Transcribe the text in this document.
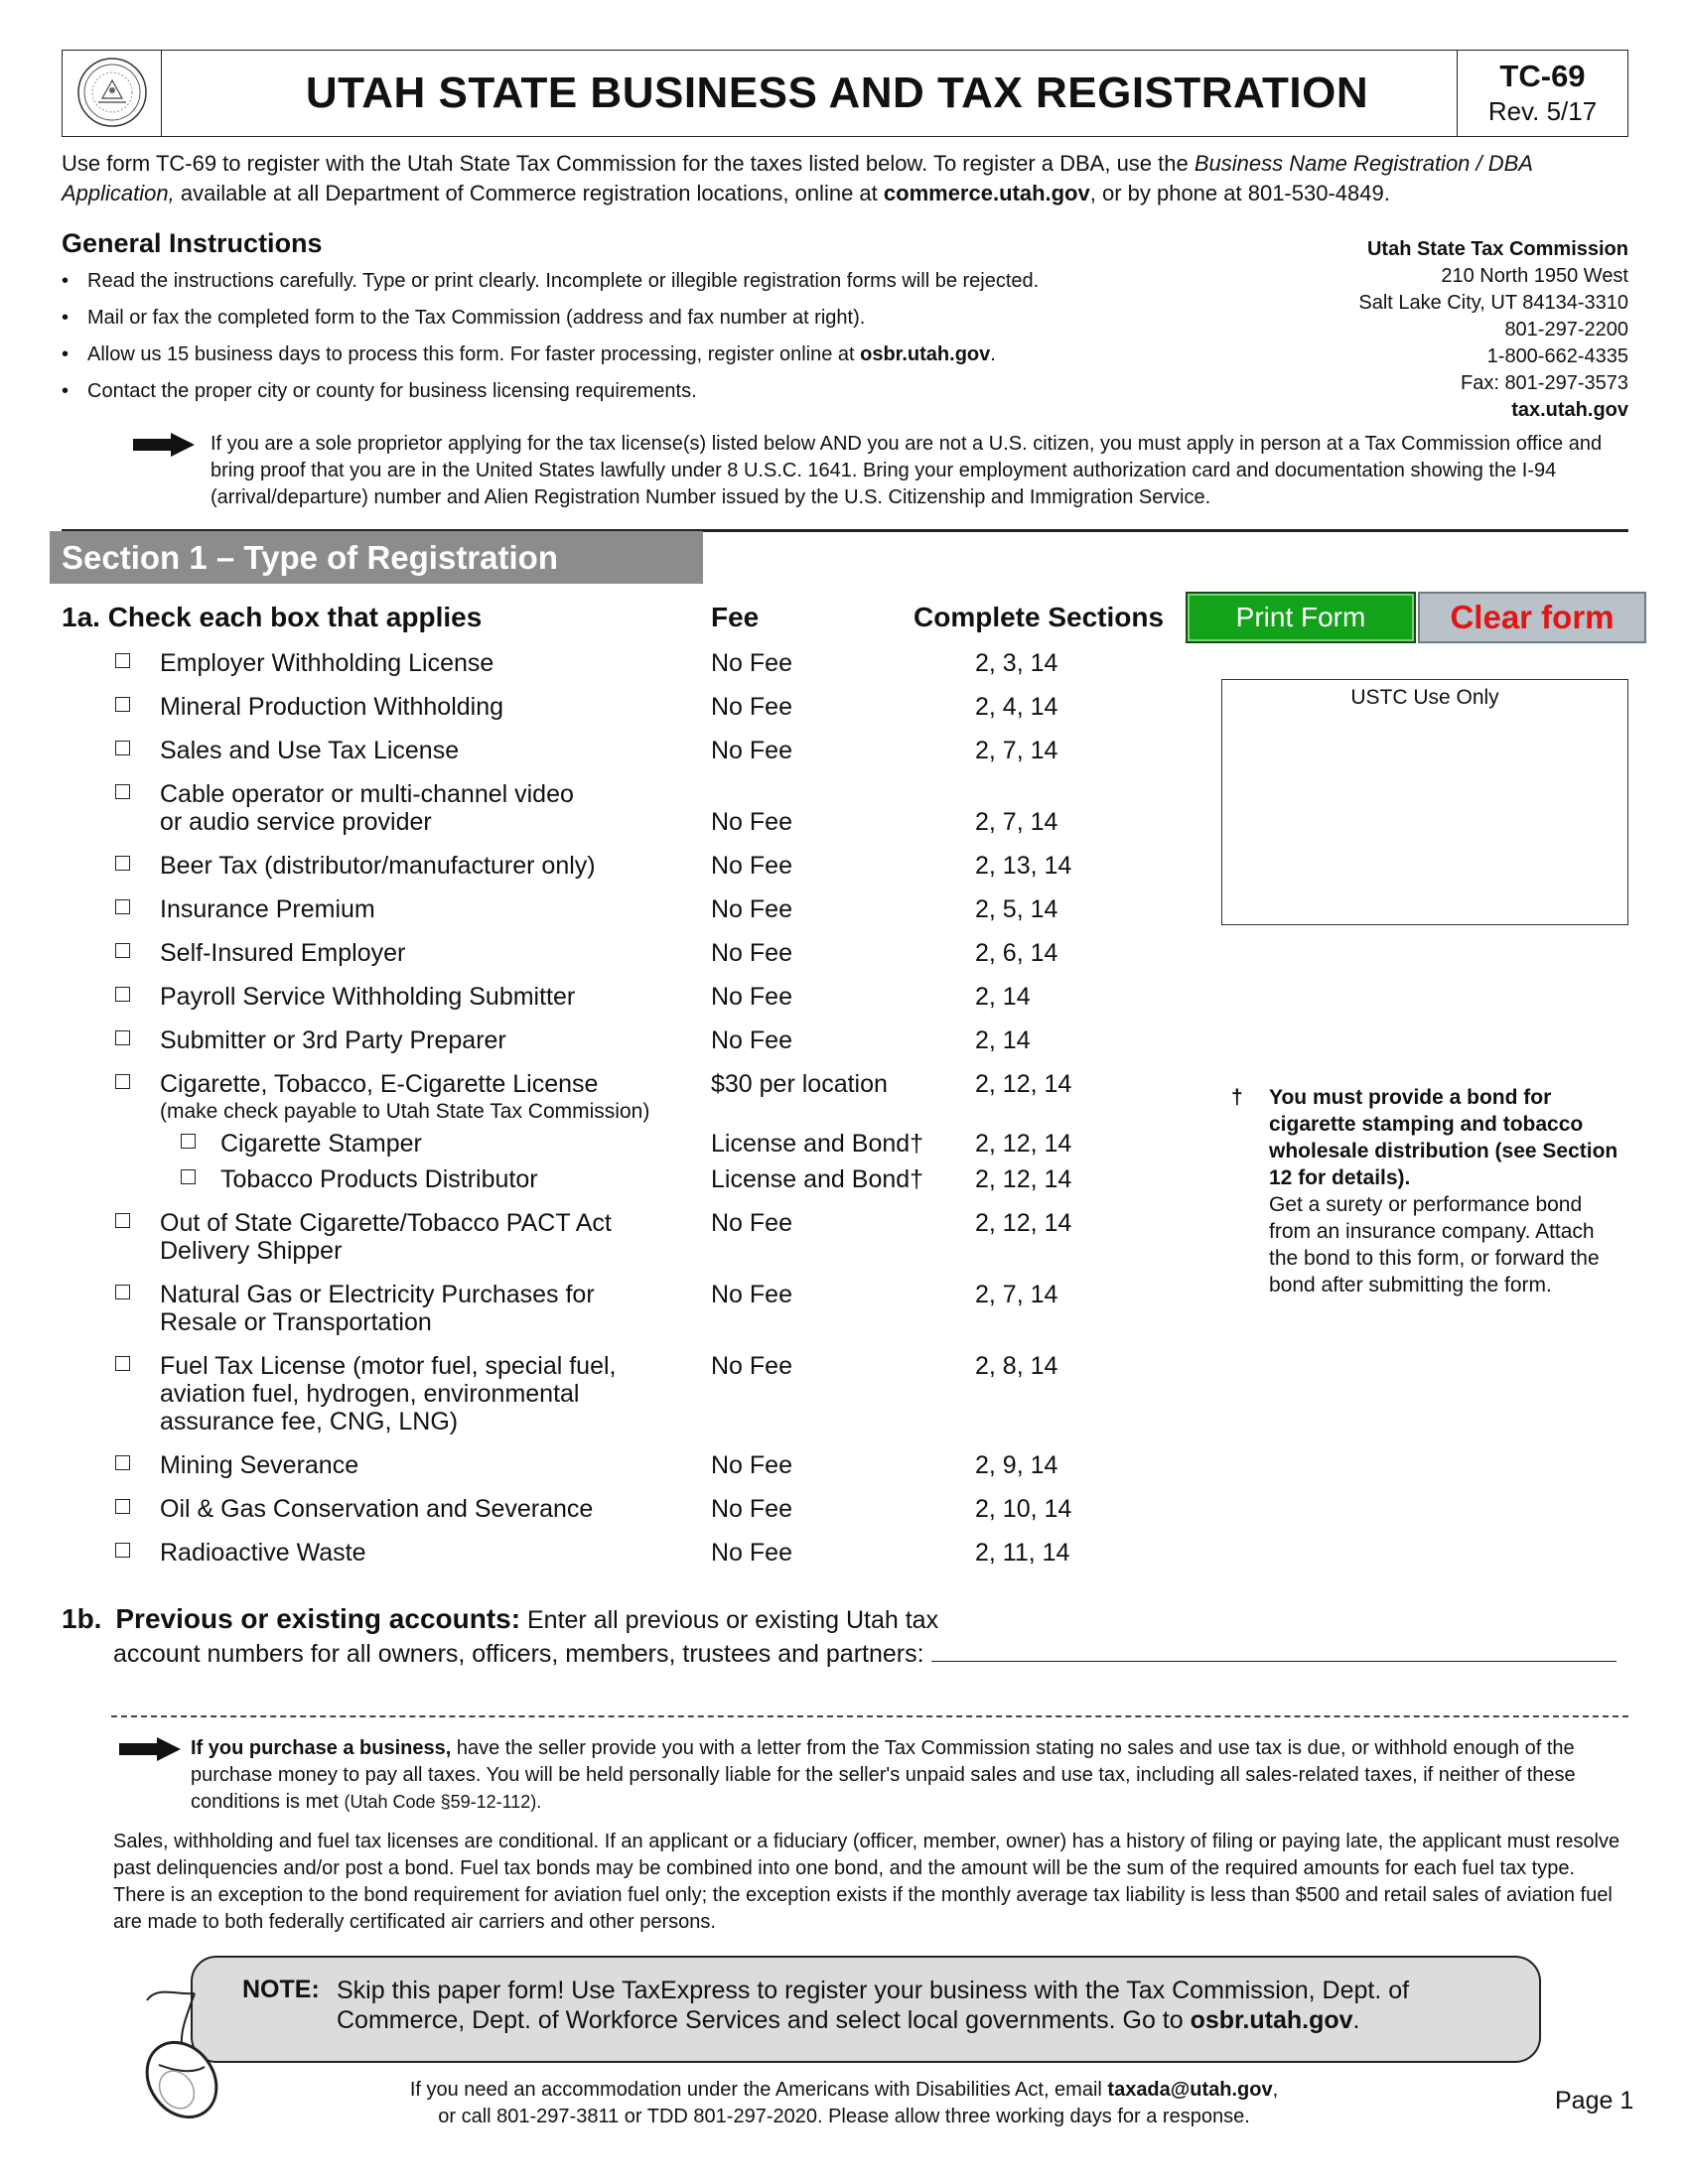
UTAH STATE BUSINESS AND TAX REGISTRATION	TC-69
Rev. 5/17
Use form TC-69 to register with the Utah State Tax Commission for the taxes listed below. To register a DBA, use the Business Name Registration / DBA Application, available at all Department of Commerce registration locations, online at commerce.utah.gov, or by phone at 801-530-4849.
General Instructions
• Read the instructions carefully. Type or print clearly. Incomplete or illegible registration forms will be rejected.
• Mail or fax the completed form to the Tax Commission (address and fax number at right).
• Allow us 15 business days to process this form. For faster processing, register online at osbr.utah.gov.
• Contact the proper city or county for business licensing requirements.
Utah State Tax Commission
210 North 1950 West
Salt Lake City, UT 84134-3310
801-297-2200
1-800-662-4335
Fax: 801-297-3573
tax.utah.gov
If you are a sole proprietor applying for the tax license(s) listed below AND you are not a U.S. citizen, you must apply in person at a Tax Commission office and bring proof that you are in the United States lawfully under 8 U.S.C. 1641. Bring your employment authorization card and documentation showing the I-94 (arrival/departure) number and Alien Registration Number issued by the U.S. Citizenship and Immigration Service.
Section 1 – Type of Registration
1a. Check each box that applies	Fee	Complete Sections	Print Form	Clear form
USTC Use Only
Employer Withholding License	No Fee	2, 3, 14
Mineral Production Withholding	No Fee	2, 4, 14
Sales and Use Tax License	No Fee	2, 7, 14
Cable operator or multi-channel video
or audio service provider	No Fee	2, 7, 14
Beer Tax (distributor/manufacturer only)	No Fee	2, 13, 14
Insurance Premium	No Fee	2, 5, 14
Self-Insured Employer	No Fee	2, 6, 14
Payroll Service Withholding Submitter	No Fee	2, 14
Submitter or 3rd Party Preparer	No Fee	2, 14
Cigarette, Tobacco, E-Cigarette License
(make check payable to Utah State Tax Commission)
$30 per location	2, 12, 14
Cigarette Stamper	License and Bond† 2, 12, 14
Tobacco Products Distributor	License and Bond† 2, 12, 14
Out of State Cigarette/Tobacco PACT Act
Delivery Shipper
No Fee	2, 12, 14
Natural Gas or Electricity Purchases for
Resale or Transportation
No Fee	2, 7, 14
Fuel Tax License (motor fuel, special fuel,
aviation fuel, hydrogen, environmental
assurance fee, CNG, LNG)
No Fee	2, 8, 14
Mining Severance	No Fee	2, 9, 14
Oil & Gas Conservation and Severance	No Fee	2, 10, 14
Radioactive Waste	No Fee	2, 11, 14
† You must provide a bond for cigarette stamping and tobacco wholesale distribution (see Section 12 for details).
Get a surety or performance bond from an insurance company. Attach the bond to this form, or forward the bond after submitting the form.
1b. Previous or existing accounts: Enter all previous or existing Utah tax
account numbers for all owners, officers, members, trustees and partners:
If you purchase a business, have the seller provide you with a letter from the Tax Commission stating no sales and use tax is due, or withhold enough of the purchase money to pay all taxes. You will be held personally liable for the seller's unpaid sales and use tax, including all sales-related taxes, if neither of these conditions is met (Utah Code §59-12-112).
Sales, withholding and fuel tax licenses are conditional. If an applicant or a fiduciary (officer, member, owner) has a history of filing or paying late, the applicant must resolve past delinquencies and/or post a bond. Fuel tax bonds may be combined into one bond, and the amount will be the sum of the required amounts for each fuel tax type. There is an exception to the bond requirement for aviation fuel only; the exception exists if the monthly average tax liability is less than $500 and retail sales of aviation fuel are made to both federally certificated air carriers and other persons.
NOTE: Skip this paper form! Use TaxExpress to register your business with the Tax Commission, Dept. of Commerce, Dept. of Workforce Services and select local governments. Go to osbr.utah.gov.
If you need an accommodation under the Americans with Disabilities Act, email taxada@utah.gov,
or call 801-297-3811 or TDD 801-297-2020. Please allow three working days for a response.
Page 1
